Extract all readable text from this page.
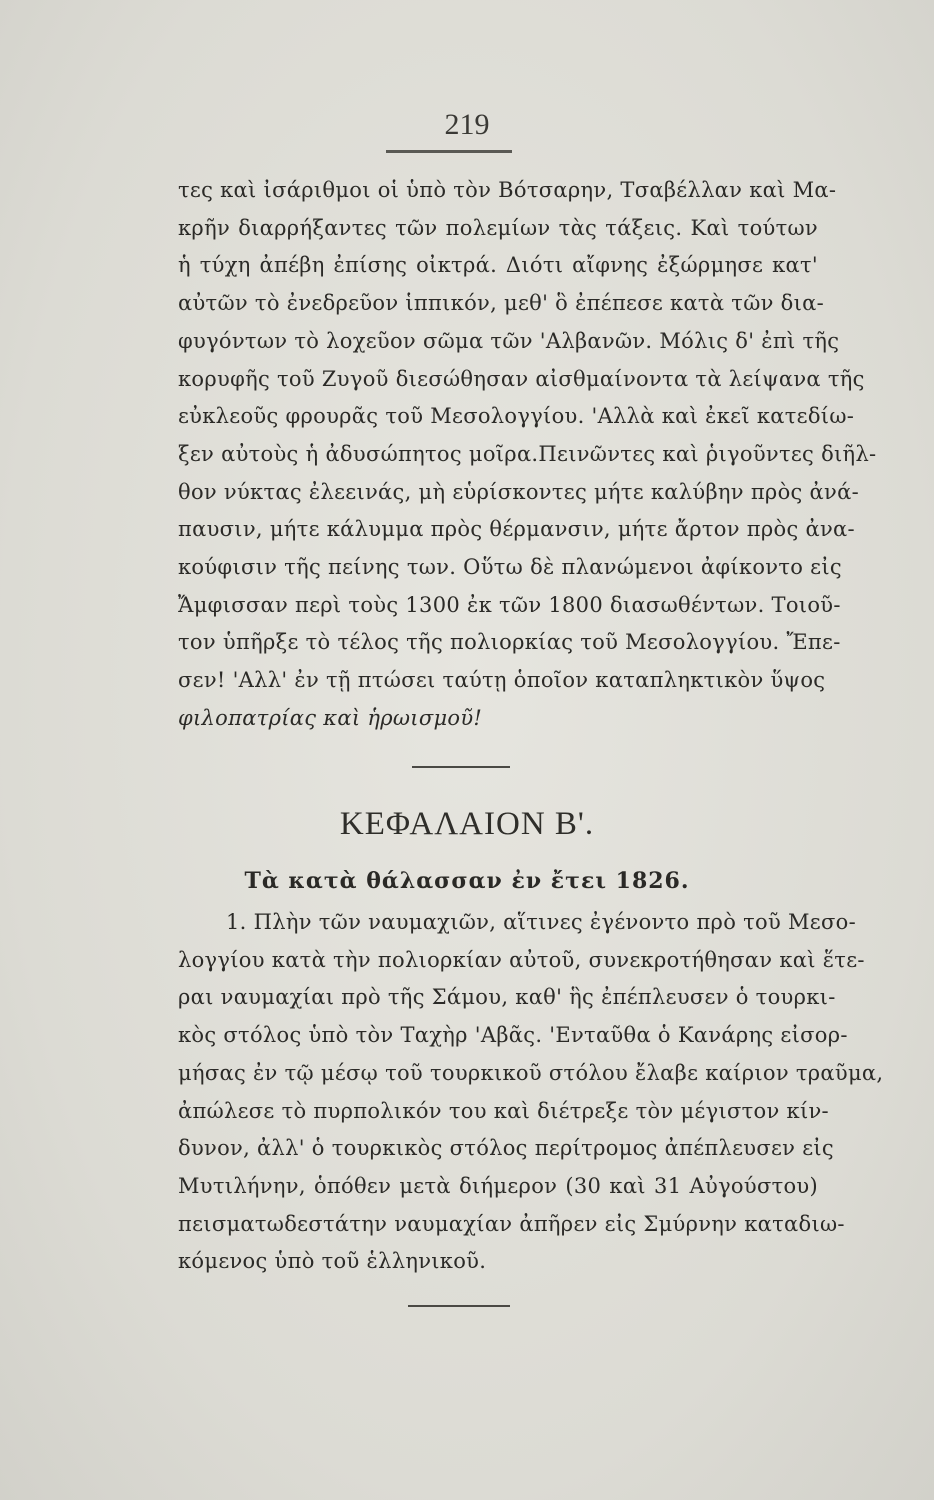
219
τες καὶ ἰσάριθμοι οἱ ὑπὸ τὸν Βότσαρην, Τσαβέλλαν καὶ Μα-
κρῆν διαρρήξαντες τῶν πολεμίων τὰς τάξεις. Καὶ τούτων
ἡ τύχη ἀπέβη ἐπίσης οἰκτρά. Διότι αἴφνης ἐξώρμησε κατ'
αὐτῶν τὸ ἐνεδρεῦον ἱππικόν, μεθ' ὃ ἐπέπεσε κατὰ τῶν δια-
φυγόντων τὸ λοχεῦον σῶμα τῶν 'Αλβανῶν. Μόλις δ' ἐπὶ τῆς
κορυφῆς τοῦ Ζυγοῦ διεσώθησαν αἰσθμαίνοντα τὰ λείψανα τῆς
εὐκλεοῦς φρουρᾶς τοῦ Μεσολογγίου. 'Αλλὰ καὶ ἐκεῖ κατεδίω-
ξεν αὐτοὺς ἡ ἀδυσώπητος μοῖρα.Πεινῶντες καὶ ῥιγοῦντες διῆλ-
θον νύκτας ἐλεεινάς, μὴ εὑρίσκοντες μήτε καλύβην πρὸς ἀνά-
παυσιν, μήτε κάλυμμα πρὸς θέρμανσιν, μήτε ἄρτον πρὸς ἀνα-
κούφισιν τῆς πείνης των. Οὕτω δὲ πλανώμενοι ἀφίκοντο εἰς
Ἄμφισσαν περὶ τοὺς 1300 ἐκ τῶν 1800 διασωθέντων. Τοιοῦ-
τον ὑπῆρξε τὸ τέλος τῆς πολιορκίας τοῦ Μεσολογγίου. Ἔπε-
σεν! 'Αλλ' ἐν τῇ πτώσει ταύτῃ ὁποῖον καταπληκτικὸν ὕψος
φιλοπατρίας καὶ ἡρωισμοῦ!
ΚΕΦΑΛΑΙΟΝ Β'.
Τὰ κατὰ θάλασσαν ἐν ἔτει 1826.
1. Πλὴν τῶν ναυμαχιῶν, αἵτινες ἐγένοντο πρὸ τοῦ Μεσο-
λογγίου κατὰ τὴν πολιορκίαν αὐτοῦ, συνεκροτήθησαν καὶ ἕτε-
ραι ναυμαχίαι πρὸ τῆς Σάμου, καθ' ἣς ἐπέπλευσεν ὁ τουρκι-
κὸς στόλος ὑπὸ τὸν Ταχὴρ 'Αβᾶς. 'Ενταῦθα ὁ Κανάρης εἰσορ-
μήσας ἐν τῷ μέσῳ τοῦ τουρκικοῦ στόλου ἔλαβε καίριον τραῦμα,
ἀπώλεσε τὸ πυρπολικόν του καὶ διέτρεξε τὸν μέγιστον κίν-
δυνον, ἀλλ' ὁ τουρκικὸς στόλος περίτρομος ἀπέπλευσεν εἰς
Μυτιλήνην, ὁπόθεν μετὰ διήμερον (30 καὶ 31 Αὐγούστου)
πεισματωδεστάτην ναυμαχίαν ἀπῆρεν εἰς Σμύρνην καταδιω-
κόμενος ὑπὸ τοῦ ἑλληνικοῦ.
